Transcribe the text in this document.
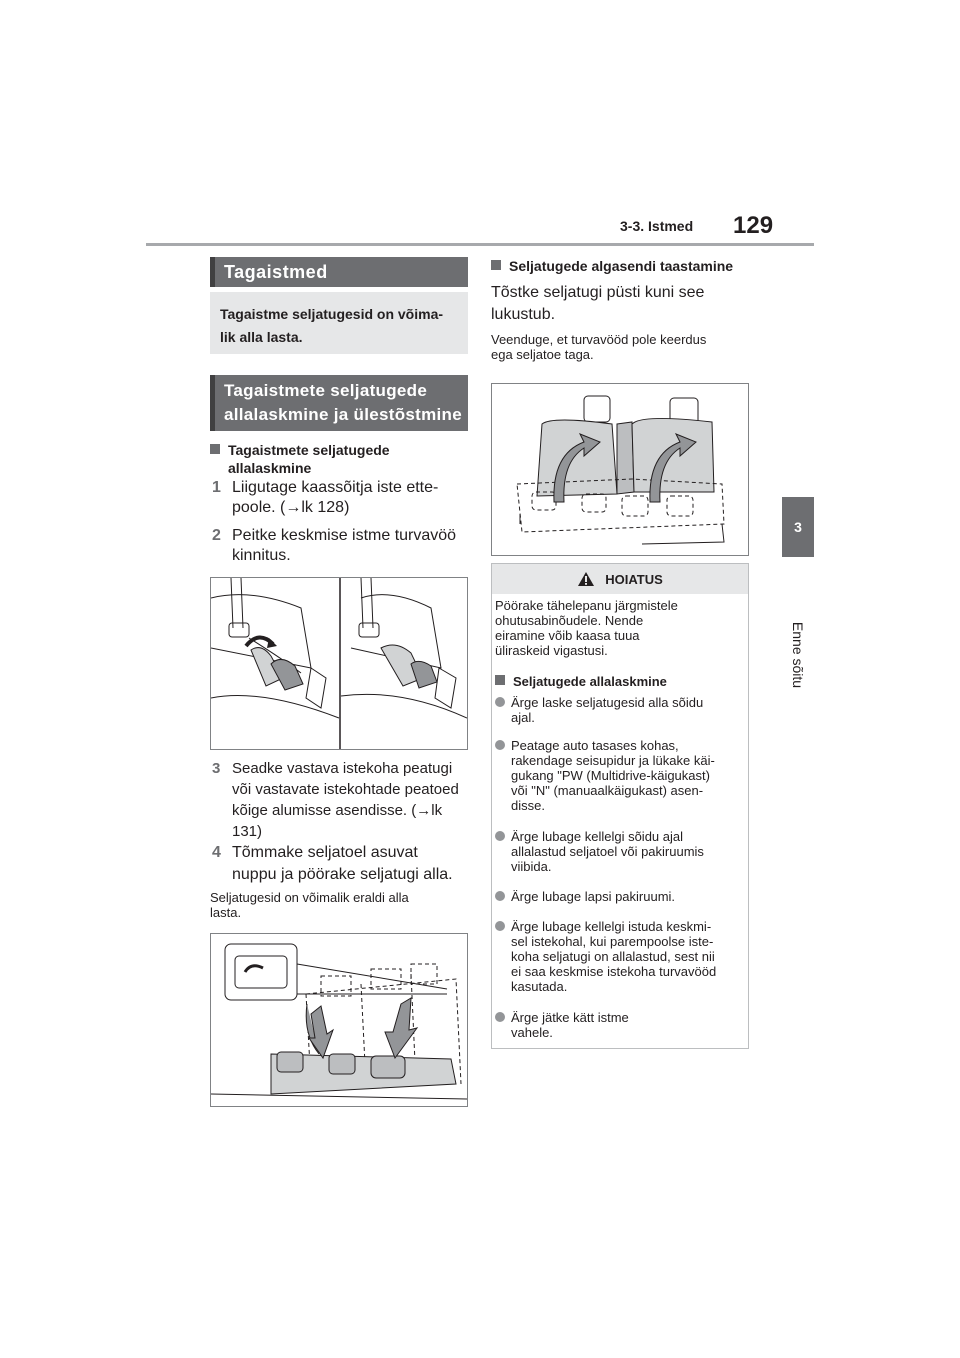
3-3. Istmed 129
3
Enne sõitu
Tagaistmed
Tagaistme seljatugesid on võima-
lik alla lasta.
Tagaistmete seljatugede
allalaskmine ja ülestõstmine
Tagaistmete seljatugede
allalaskmine
1 Liigutage kaassõitja iste ette-
poole. (→lk 128)
2 Peitke keskmise istme turvavöö
kinnitus.
3 Seadke vastava istekoha peatugi
või vastavate istekohtade peatoed
kõige alumisse asendisse. (→lk
131)
4 Tõmmake seljatoel asuvat
nuppu ja pöörake seljatugi alla.
Seljatugesid on võimalik eraldi alla
lasta.
Seljatugede algasendi taastamine
Tõstke seljatugi püsti kuni see
lukustub.
Veenduge, et turvavööd pole keerdus
ega seljatoe taga.
HOIATUS
Pöörake tähelepanu järgmistele
ohutusabinõudele. Nende
eiramine võib kaasa tuua
üliraskeid vigastusi.
Seljatugede allalaskmine
Ärge laske seljatugesid alla sõidu
ajal.
Peatage auto tasases kohas,
rakendage seisupidur ja lükake käi-
gukang "PW (Multidrive-käigukast)
või "N" (manuaalkäigukast) asen-
disse.
Ärge lubage kellelgi sõidu ajal
allalastud seljatoel või pakiruumis
viibida.
Ärge lubage lapsi pakiruumi.
Ärge lubage kellelgi istuda keskmi-
sel istekohal, kui parempoolse iste-
koha seljatugi on allalastud, sest nii
ei saa keskmise istekoha turvavööd
kasutada.
Ärge jätke kätt istme
vahele.
